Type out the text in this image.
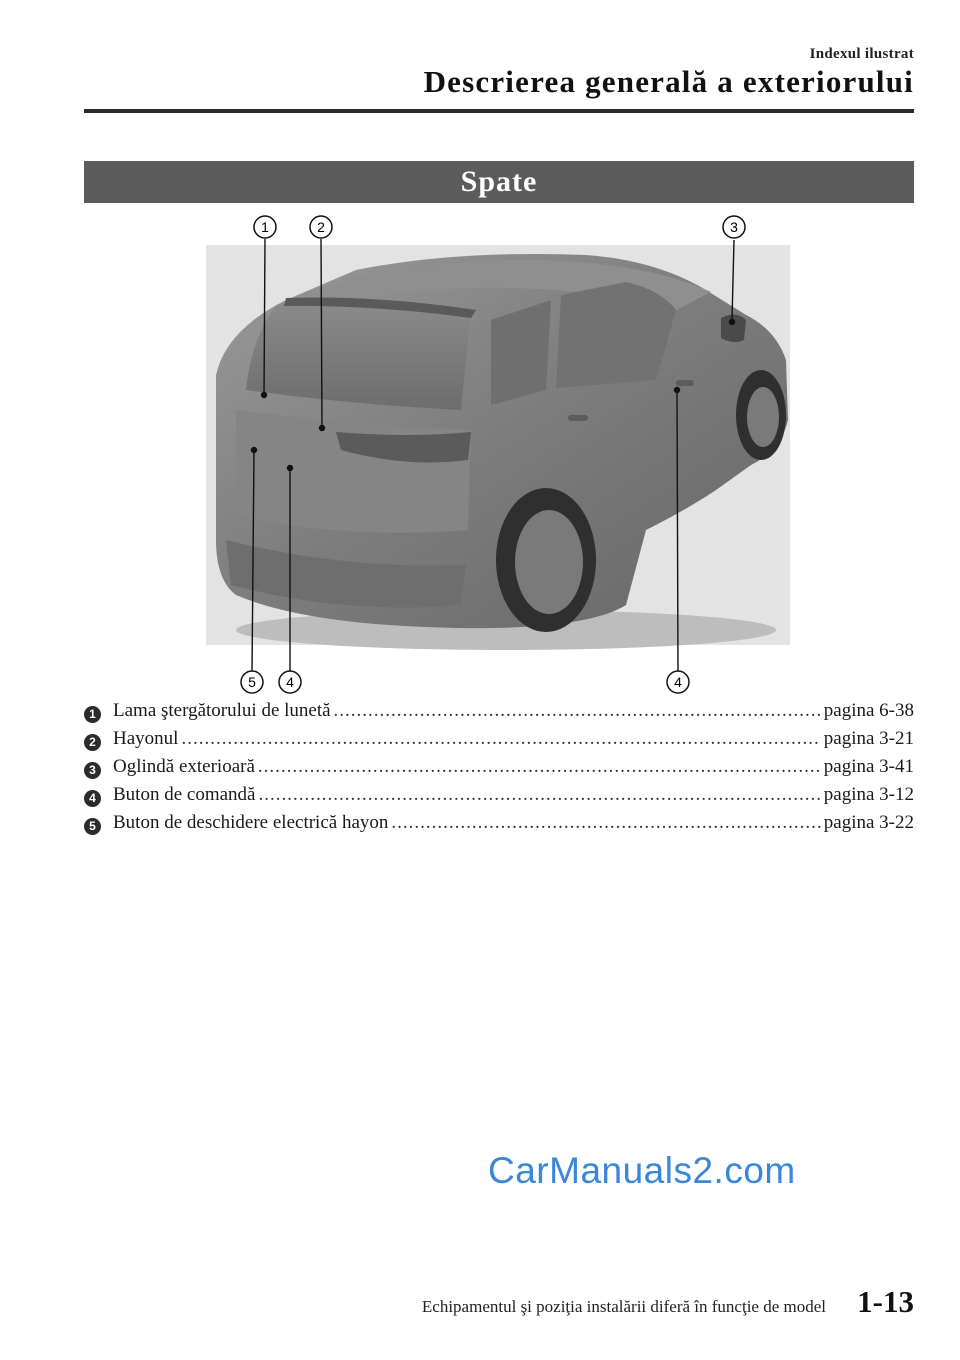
Indexul ilustrat
Descrierea generală a exteriorului
Spate
1	2	3
5 4	4
1 Lama ştergătorului de lunetă .....	pagina 6-38
2 Hayonul .....	pagina 3-21
3 Oglindă exterioară .....	pagina 3-41
4 Buton de comandă .....	pagina 3-12
5 Buton de deschidere electrică hayon .....	pagina 3-22
CarManuals2.com
Echipamentul şi poziţia instalării diferă în funcţie de model 1-13
